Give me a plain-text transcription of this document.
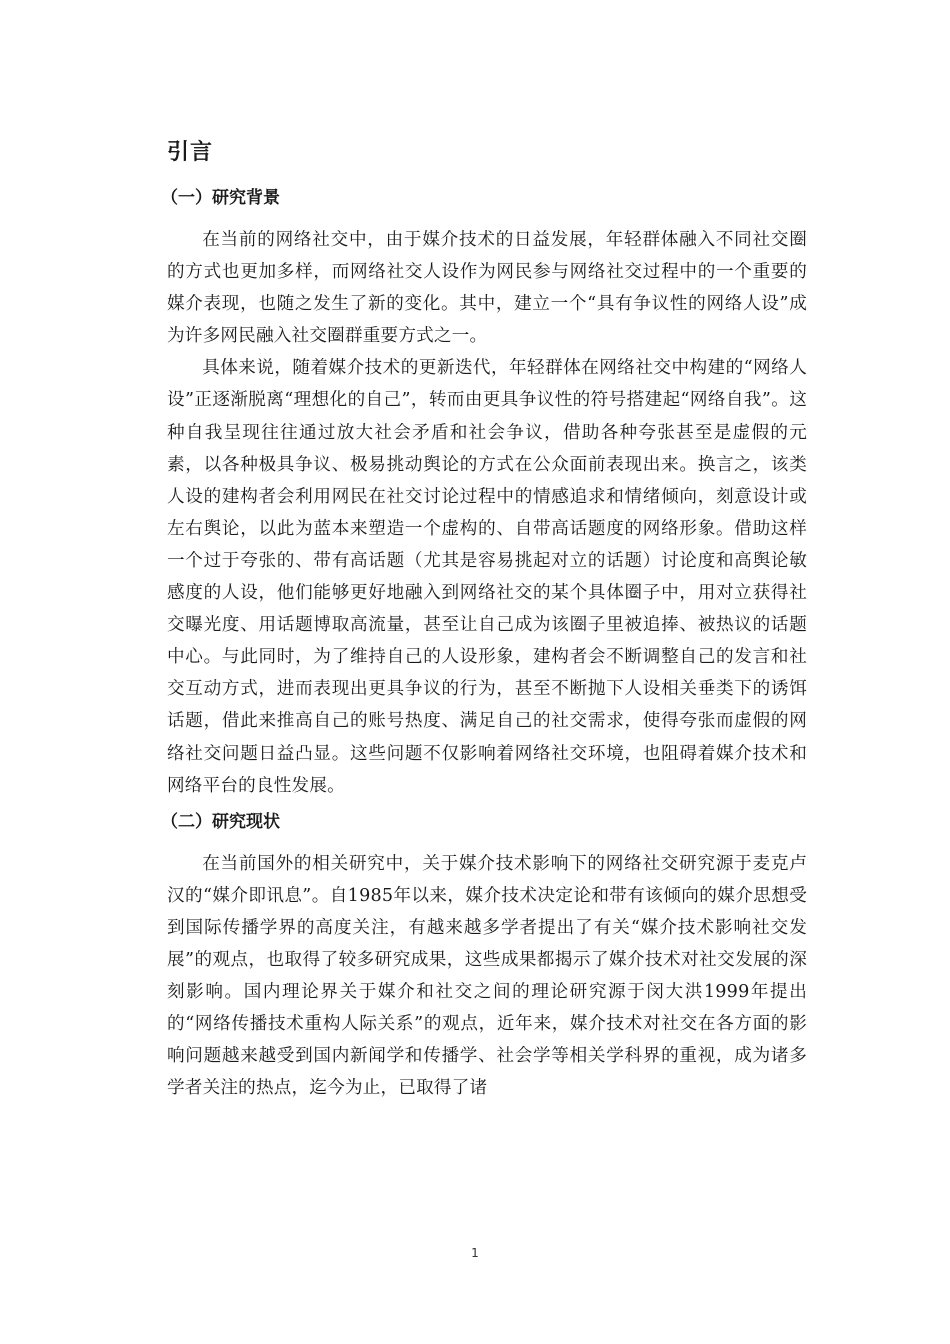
引言
（一）研究背景

在当前的网络社交中，由于媒介技术的日益发展，年轻群体融入不同社交圈的方式也更加多样，而网络社交人设作为网民参与网络社交过程中的一个重要的媒介表现，也随之发生了新的变化。其中，建立一个“具有争议性的网络人设”成为许多网民融入社交圈群重要方式之一。

具体来说，随着媒介技术的更新迭代，年轻群体在网络社交中构建的“网络人设”正逐渐脱离“理想化的自己”，转而由更具争议性的符号搭建起“网络自我”。这种自我呈现往往通过放大社会矛盾和社会争议，借助各种夸张甚至是虚假的元素，以各种极具争议、极易挑动舆论的方式在公众面前表现出来。换言之，该类人设的建构者会利用网民在社交讨论过程中的情感追求和情绪倾向，刻意设计或左右舆论，以此为蓝本来塑造一个虚构的、自带高话题度的网络形象。借助这样一个过于夸张的、带有高话题（尤其是容易挑起对立的话题）讨论度和高舆论敏感度的人设，他们能够更好地融入到网络社交的某个具体圈子中，用对立获得社交曝光度、用话题博取高流量，甚至让自己成为该圈子里被追捧、被热议的话题中心。与此同时，为了维持自己的人设形象，建构者会不断调整自己的发言和社交互动方式，进而表现出更具争议的行为，甚至不断抛下人设相关垂类下的诱饵话题，借此来推高自己的账号热度、满足自己的社交需求，使得夸张而虚假的网络社交问题日益凸显。这些问题不仅影响着网络社交环境，也阻碍着媒介技术和网络平台的良性发展。

（二）研究现状

在当前国外的相关研究中，关于媒介技术影响下的网络社交研究源于麦克卢汉的“媒介即讯息”。自1985年以来，媒介技术决定论和带有该倾向的媒介思想受到国际传播学界的高度关注，有越来越多学者提出了有关“媒介技术影响社交发展”的观点，也取得了较多研究成果，这些成果都揭示了媒介技术对社交发展的深刻影响。国内理论界关于媒介和社交之间的理论研究源于闵大洪1999年提出的“网络传播技术重构人际关系”的观点，近年来，媒介技术对社交在各方面的影响问题越来越受到国内新闻学和传播学、社会学等相关学科界的重视，成为诸多学者关注的热点，迄今为止，已取得了诸

1
